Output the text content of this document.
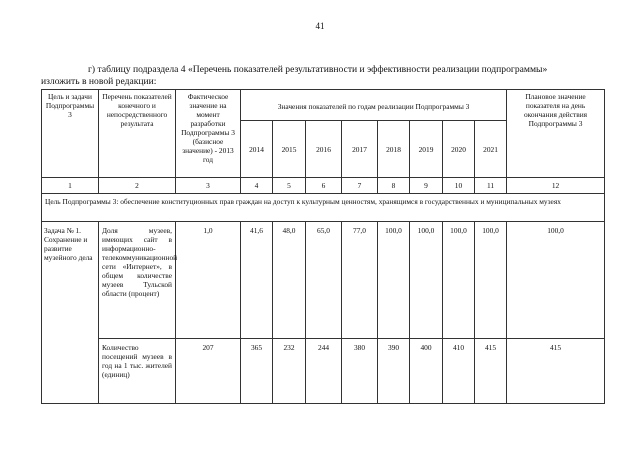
41
г) таблицу подраздела 4 «Перечень показателей результативности и эффективности реализации подпрограммы»
изложить в новой редакции:
Цель и задачи Подпрограммы 3	Перечень показателей конечного и непосредственного результата	Фактическое значение на момент разработки Подпрограммы 3 (базисное значение) - 2013 год	Значения показателей по годам реализации Подпрограммы 3								Плановое значение показателя на день окончания действия Подпрограммы 3
			2014	2015	2016	2017	2018	2019	2020	2021	
1	2	3	4	5	6	7	8	9	10	11	12
Цель Подпрограммы 3: обеспечение конституционных прав граждан на доступ к культурным ценностям, хранящимся в государственных и муниципальных музеях											
Задача № 1. Сохранение и развитие музейного дела	Доля музеев, имеющих сайт в информационно-телекоммуникационной сети «Интернет», в общем количестве музеев Тульской области (процент)	1,0	41,6	48,0	65,0	77,0	100,0	100,0	100,0	100,0	100,0
	Количество посещений музеев в год на 1 тыс. жителей (единиц)	207	365	232	244	380	390	400	410	415	415
